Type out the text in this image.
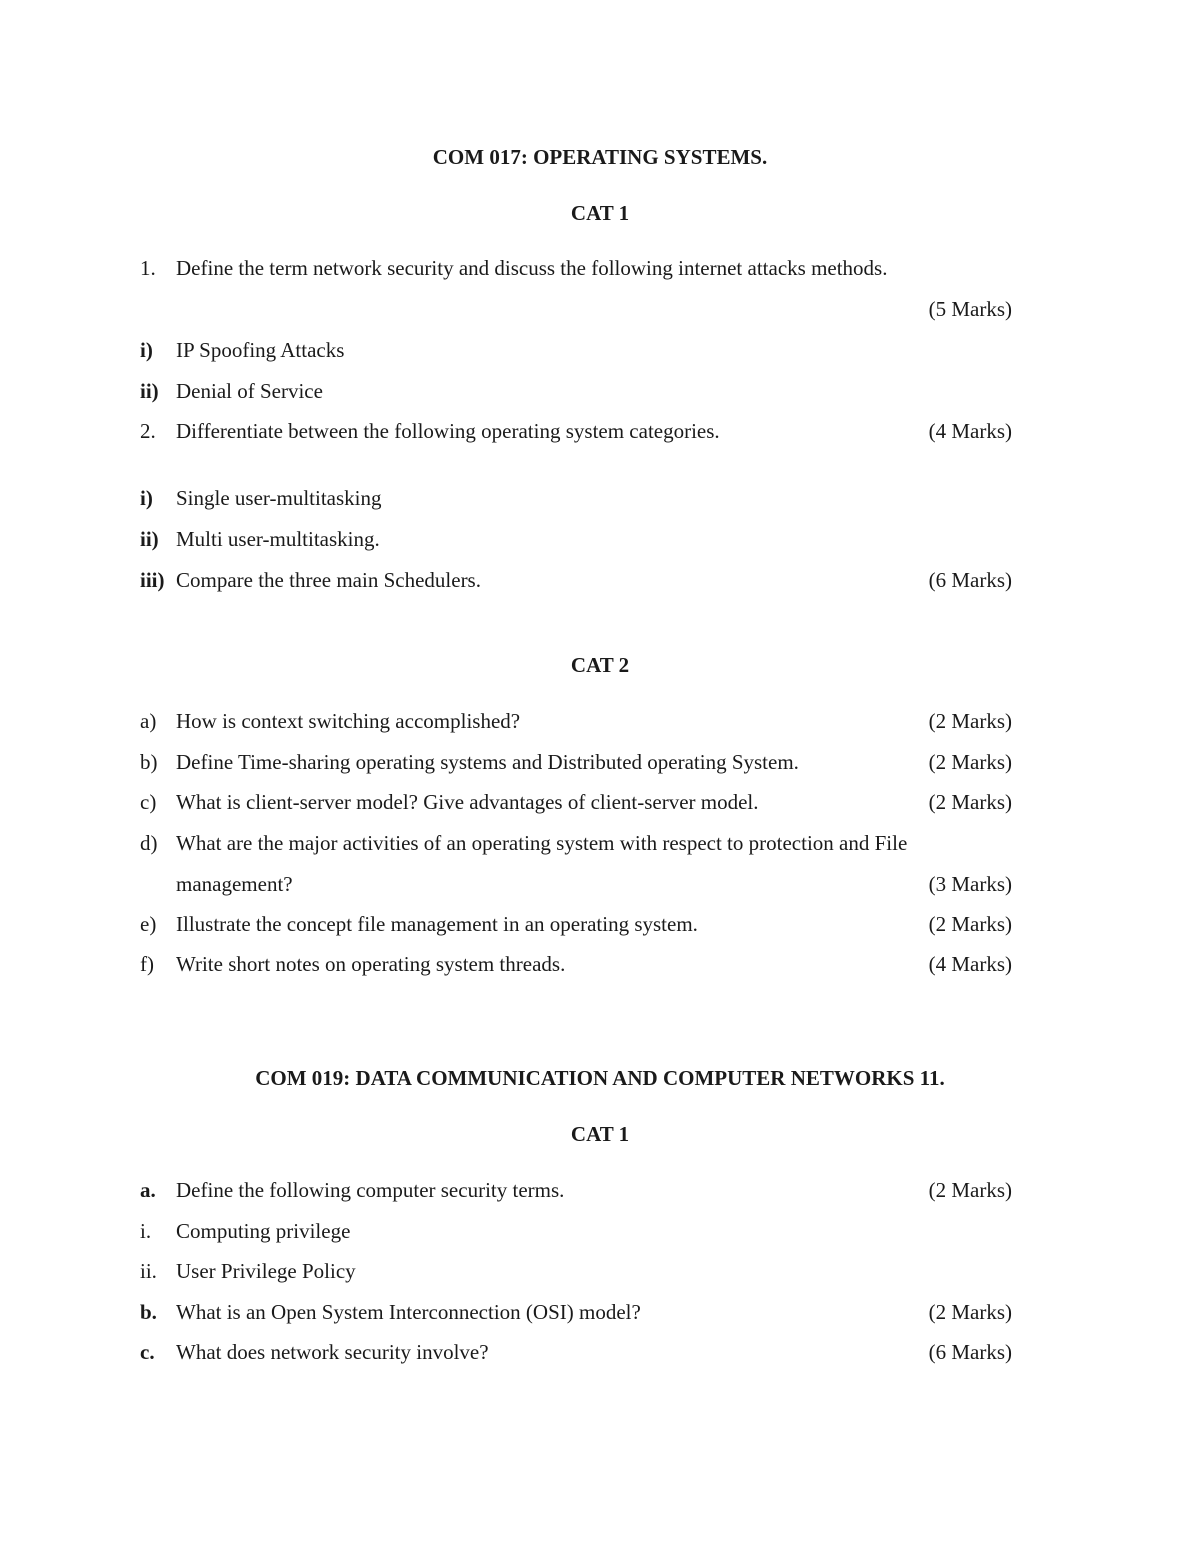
COM 017: OPERATING SYSTEMS.
CAT 1
1. Define the term network security and discuss the following internet attacks methods.
(5 Marks)
i) IP Spoofing Attacks
ii) Denial of Service
2. Differentiate between the following operating system categories.	(4 Marks)
i) Single user-multitasking
ii) Multi user-multitasking.
iii) Compare the three main Schedulers.	(6 Marks)
CAT 2
a) How is context switching accomplished?	(2 Marks)
b) Define Time-sharing operating systems and Distributed operating System.	(2 Marks)
c) What is client-server model? Give advantages of client-server model.	(2 Marks)
d) What are the major activities of an operating system with respect to protection and File
management?	(3 Marks)
e) Illustrate the concept file management in an operating system.	(2 Marks)
f) Write short notes on operating system threads.	(4 Marks)
COM 019: DATA COMMUNICATION AND COMPUTER NETWORKS 11.
CAT 1
a. Define the following computer security terms.	(2 Marks)
i. Computing privilege
ii. User Privilege Policy
b. What is an Open System Interconnection (OSI) model?	(2 Marks)
c. What does network security involve?	(6 Marks)
